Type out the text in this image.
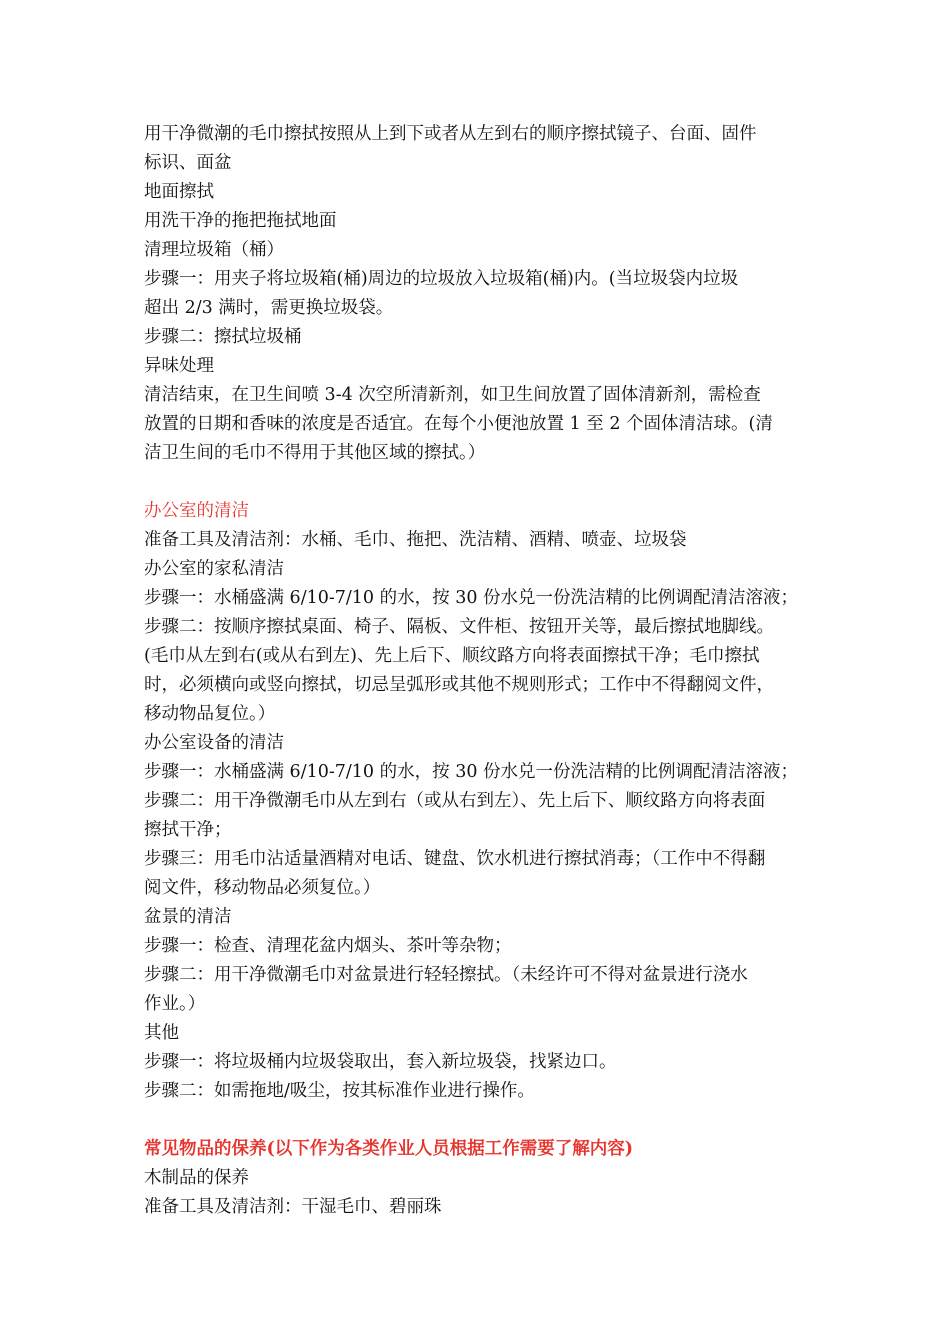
用干净微潮的毛巾擦拭按照从上到下或者从左到右的顺序擦拭镜子、台面、固件
标识、面盆
地面擦拭
用洗干净的拖把拖拭地面
清理垃圾箱（桶）
步骤一：用夹子将垃圾箱(桶)周边的垃圾放入垃圾箱(桶)内。(当垃圾袋内垃圾
超出 2/3 满时，需更换垃圾袋。
步骤二：擦拭垃圾桶
异味处理
清洁结束，在卫生间喷 3-4 次空所清新剂，如卫生间放置了固体清新剂，需检查
放置的日期和香味的浓度是否适宜。在每个小便池放置 1 至 2 个固体清洁球。(清
洁卫生间的毛巾不得用于其他区域的擦拭。）
办公室的清洁
准备工具及清洁剂：水桶、毛巾、拖把、洗洁精、酒精、喷壶、垃圾袋
办公室的家私清洁
步骤一：水桶盛满 6/10-7/10 的水，按 30 份水兑一份洗洁精的比例调配清洁溶液；
步骤二：按顺序擦拭桌面、椅子、隔板、文件柜、按钮开关等，最后擦拭地脚线。
(毛巾从左到右(或从右到左)、先上后下、顺纹路方向将表面擦拭干净；毛巾擦拭
时，必须横向或竖向擦拭，切忌呈弧形或其他不规则形式；工作中不得翻阅文件，
移动物品复位。）
办公室设备的清洁
步骤一：水桶盛满 6/10-7/10 的水，按 30 份水兑一份洗洁精的比例调配清洁溶液；
步骤二：用干净微潮毛巾从左到右（或从右到左）、先上后下、顺纹路方向将表面
擦拭干净；
步骤三：用毛巾沾适量酒精对电话、键盘、饮水机进行擦拭消毒；（工作中不得翻
阅文件，移动物品必须复位。）
盆景的清洁
步骤一：检查、清理花盆内烟头、茶叶等杂物；
步骤二：用干净微潮毛巾对盆景进行轻轻擦拭。（未经许可不得对盆景进行浇水
作业。）
其他
步骤一：将垃圾桶内垃圾袋取出，套入新垃圾袋，找紧边口。
步骤二：如需拖地/吸尘，按其标准作业进行操作。
常见物品的保养(以下作为各类作业人员根据工作需要了解内容)
木制品的保养
准备工具及清洁剂：干湿毛巾、碧丽珠
